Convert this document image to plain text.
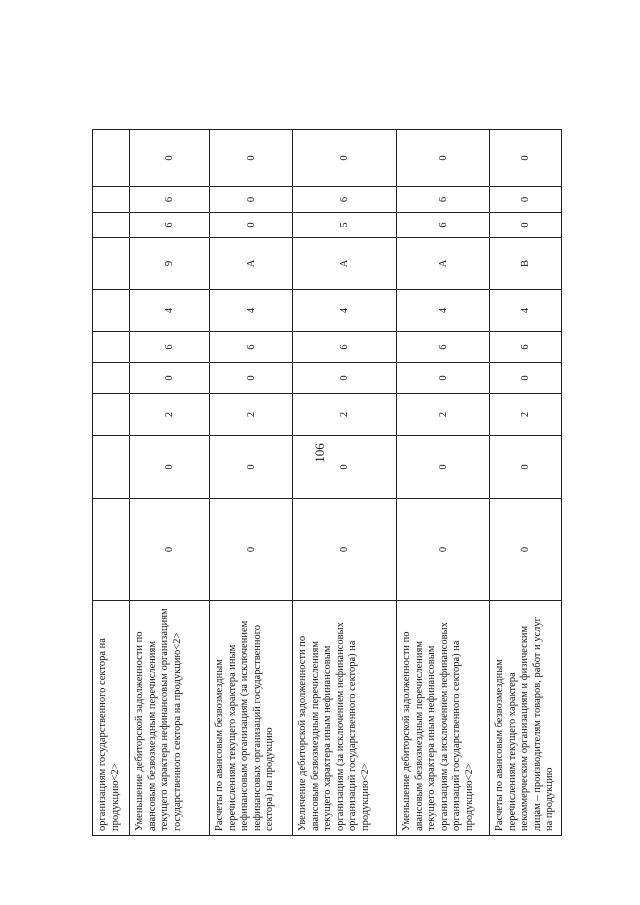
106
организациям государственного сектора на продукцию<2>										
Уменьшение дебиторской задолженности по авансовым безвозмездным перечислениям текущего характера нефинансовым организациям государственного сектора на продукцию<2>	0	0	2	0	6	4	9	6	6	0
Расчеты по авансовым безвозмездным перечислениям текущего характера иным нефинансовым организациям (за исключением нефинансовых организаций государственного сектора) на продукцию	0	0	2	0	6	4	А	0	0	0
Увеличение дебиторской задолженности по авансовым безвозмездным перечислениям текущего характера иным нефинансовым организациям (за исключением нефинансовых организаций государственного сектора) на продукцию<2>	0	0	2	0	6	4	А	5	6	0
Уменьшение дебиторской задолженности по авансовым безвозмездным перечислениям текущего характера иным нефинансовым организациям (за исключением нефинансовых организаций государственного сектора) на продукцию<2>	0	0	2	0	6	4	А	6	6	0
Расчеты по авансовым безвозмездным перечислениям текущего характера некоммерческим организациям и физическим лицам – производителям товаров, работ и услуг на продукцию	0	0	2	0	6	4	В	0	0	0
